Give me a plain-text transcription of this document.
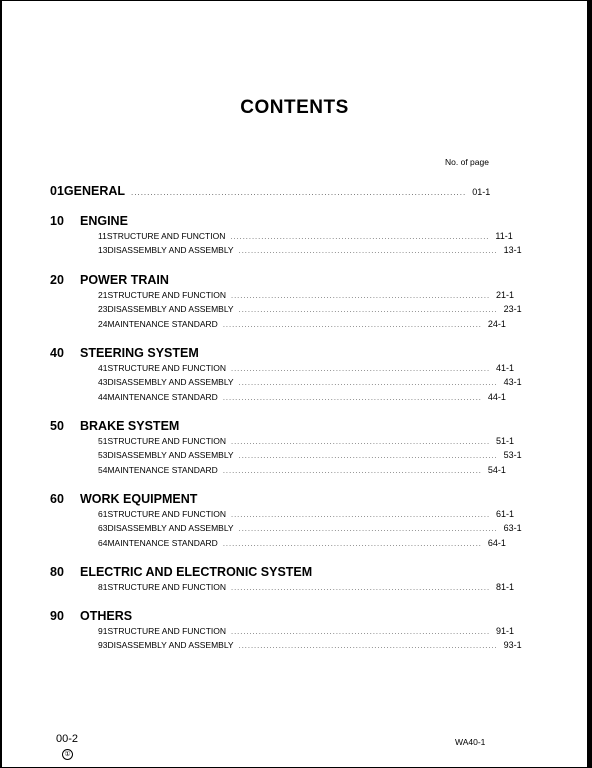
CONTENTS
No. of page
01 GENERAL ........................................................................................................ 01-1
10 ENGINE
11 STRUCTURE AND FUNCTION .................................................................................... 11-1
13 DISASSEMBLY AND ASSEMBLY .................................................................................... 13-1
20 POWER TRAIN
21 STRUCTURE AND FUNCTION .................................................................................... 21-1
23 DISASSEMBLY AND ASSEMBLY .................................................................................... 23-1
24 MAINTENANCE STANDARD .................................................................................... 24-1
40 STEERING SYSTEM
41 STRUCTURE AND FUNCTION .................................................................................... 41-1
43 DISASSEMBLY AND ASSEMBLY .................................................................................... 43-1
44 MAINTENANCE STANDARD .................................................................................... 44-1
50 BRAKE SYSTEM
51 STRUCTURE AND FUNCTION .................................................................................... 51-1
53 DISASSEMBLY AND ASSEMBLY .................................................................................... 53-1
54 MAINTENANCE STANDARD .................................................................................... 54-1
60 WORK EQUIPMENT
61 STRUCTURE AND FUNCTION .................................................................................... 61-1
63 DISASSEMBLY AND ASSEMBLY .................................................................................... 63-1
64 MAINTENANCE STANDARD .................................................................................... 64-1
80 ELECTRIC AND ELECTRONIC SYSTEM
81 STRUCTURE AND FUNCTION .................................................................................... 81-1
90 OTHERS
91 STRUCTURE AND FUNCTION .................................................................................... 91-1
93 DISASSEMBLY AND ASSEMBLY .................................................................................... 93-1
00-2
①
WA40-1
